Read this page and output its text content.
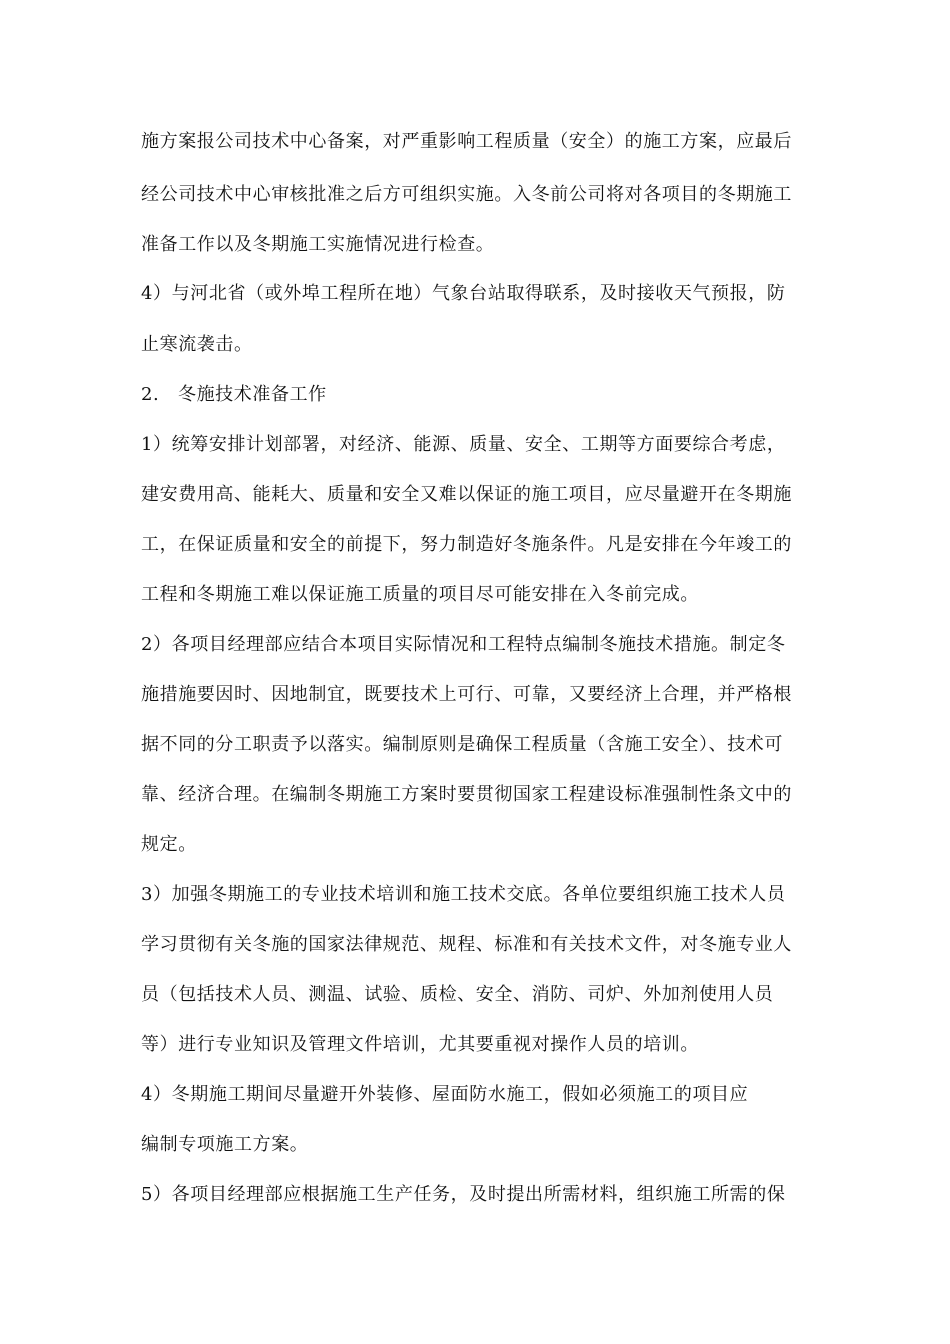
施方案报公司技术中心备案，对严重影响工程质量（安全）的施工方案，应最后
经公司技术中心审核批准之后方可组织实施。入冬前公司将对各项目的冬期施工
准备工作以及冬期施工实施情况进行检查。
4）与河北省（或外埠工程所在地）气象台站取得联系，及时接收天气预报，防
止寒流袭击。
2.　冬施技术准备工作
1）统筹安排计划部署，对经济、能源、质量、安全、工期等方面要综合考虑，
建安费用高、能耗大、质量和安全又难以保证的施工项目，应尽量避开在冬期施
工，在保证质量和安全的前提下，努力制造好冬施条件。凡是安排在今年竣工的
工程和冬期施工难以保证施工质量的项目尽可能安排在入冬前完成。
2）各项目经理部应结合本项目实际情况和工程特点编制冬施技术措施。制定冬
施措施要因时、因地制宜，既要技术上可行、可靠，又要经济上合理，并严格根
据不同的分工职责予以落实。编制原则是确保工程质量（含施工安全）、技术可
靠、经济合理。在编制冬期施工方案时要贯彻国家工程建设标准强制性条文中的
规定。
3）加强冬期施工的专业技术培训和施工技术交底。各单位要组织施工技术人员
学习贯彻有关冬施的国家法律规范、规程、标准和有关技术文件，对冬施专业人
员（包括技术人员、测温、试验、质检、安全、消防、司炉、外加剂使用人员
等）进行专业知识及管理文件培训，尤其要重视对操作人员的培训。
4）冬期施工期间尽量避开外装修、屋面防水施工，假如必须施工的项目应
编制专项施工方案。
5）各项目经理部应根据施工生产任务，及时提出所需材料，组织施工所需的保
